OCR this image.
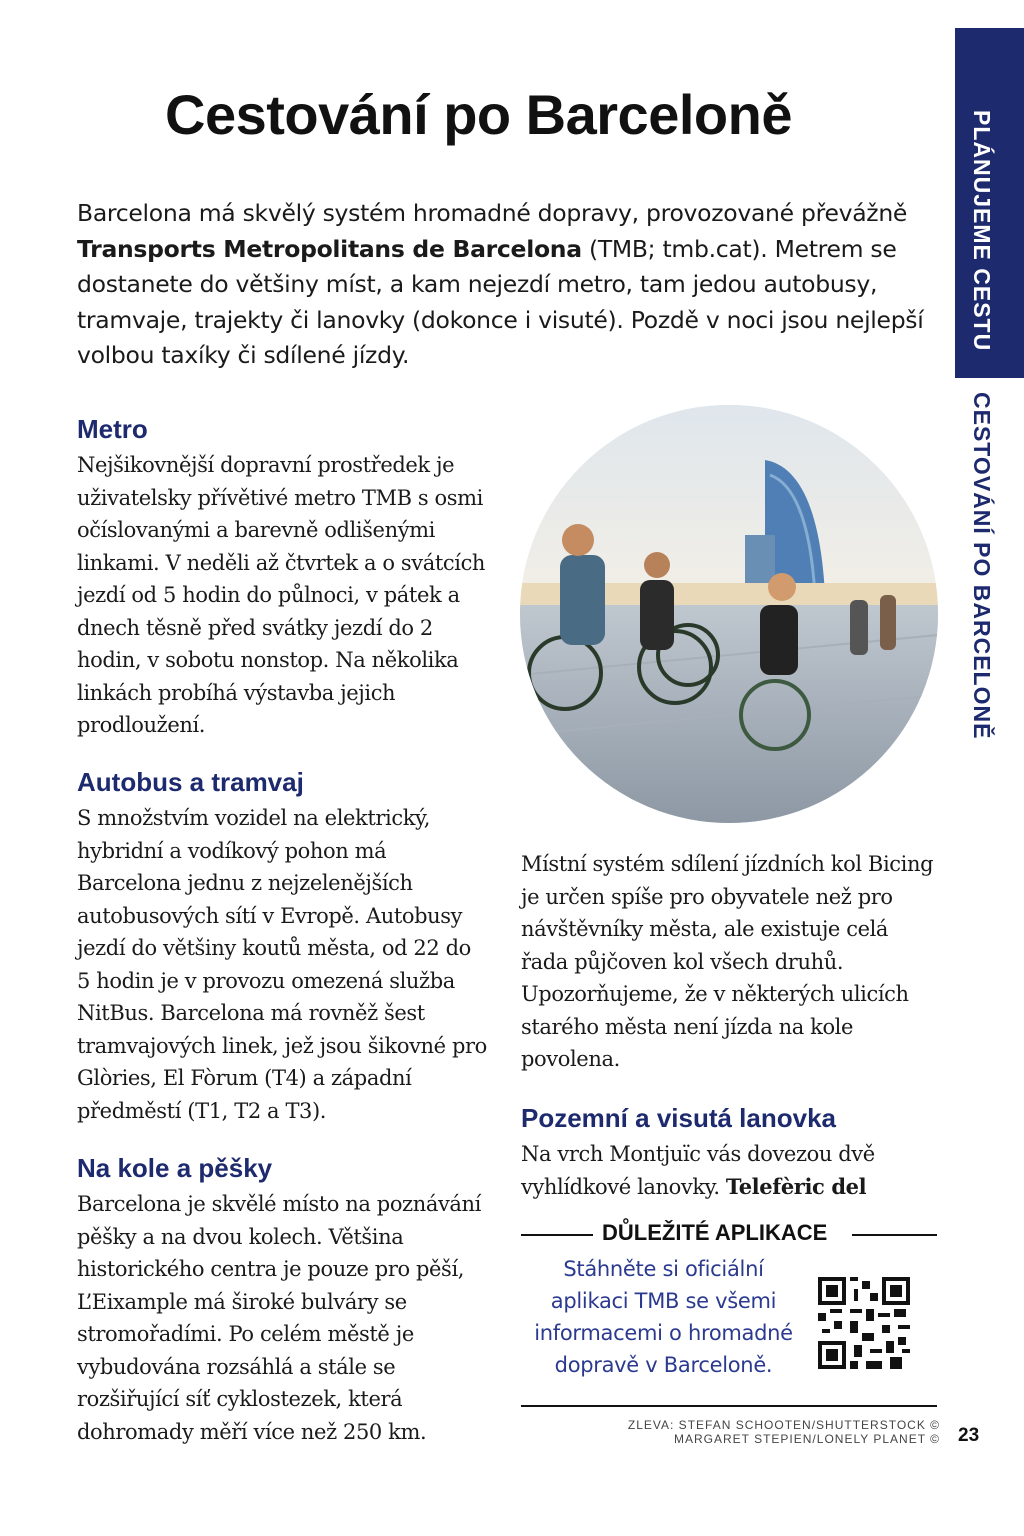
PLÁNUJEME CESTU
CESTOVÁNÍ PO BARCELONĚ
Cestování po Barceloně
Barcelona má skvělý systém hromadné dopravy, provozované převážně Transports Metropolitans de Barcelona (TMB; tmb.cat). Metrem se dostanete do většiny míst, a kam nejezdí metro, tam jedou autobusy, tramvaje, trajekty či lanovky (dokonce i visuté). Pozdě v noci jsou nejlepší volbou taxíky či sdílené jízdy.
Metro
Nejšikovnější dopravní prostředek je uživatelsky přívětivé metro TMB s osmi očíslovanými a barevně odlišenými linkami. V neděli až čtvrtek a o svátcích jezdí od 5 hodin do půlnoci, v pátek a dnech těsně před svátky jezdí do 2 hodin, v sobotu nonstop. Na několika linkách probíhá výstavba jejich prodloužení.
Autobus a tramvaj
S množstvím vozidel na elektrický, hybridní a vodíkový pohon má Barcelona jednu z nejzelenějších autobusových sítí v Evropě. Autobusy jezdí do většiny koutů města, od 22 do 5 hodin je v provozu omezená služba NitBus. Barcelona má rovněž šest tramvajových linek, jež jsou šikovné pro Glòries, El Fòrum (T4) a západní předměstí (T1, T2 a T3).
Na kole a pěšky
Barcelona je skvělé místo na poznávání pěšky a na dvou kolech. Většina historického centra je pouze pro pěší, L’Eixample má široké bulváry se stromořadími. Po celém městě je vybudována rozsáhlá a stále se rozšiřující síť cyklostezek, která dohromady měří více než 250 km.
Místní systém sdílení jízdních kol Bicing je určen spíše pro obyvatele než pro návštěvníky města, ale existuje celá řada půjčoven kol všech druhů. Upozorňujeme, že v některých ulicích starého města není jízda na kole povolena.
Pozemní a visutá lanovka
Na vrch Montjuïc vás dovezou dvě vyhlídkové lanovky. Telefèric del
DŮLEŽITÉ APLIKACE
Stáhněte si oficiální aplikaci TMB se všemi informacemi o hromadné dopravě v Barceloně.
ZLEVA: STEFAN SCHOOTEN/SHUTTERSTOCK ©
MARGARET STEPIEN/LONELY PLANET © 23
